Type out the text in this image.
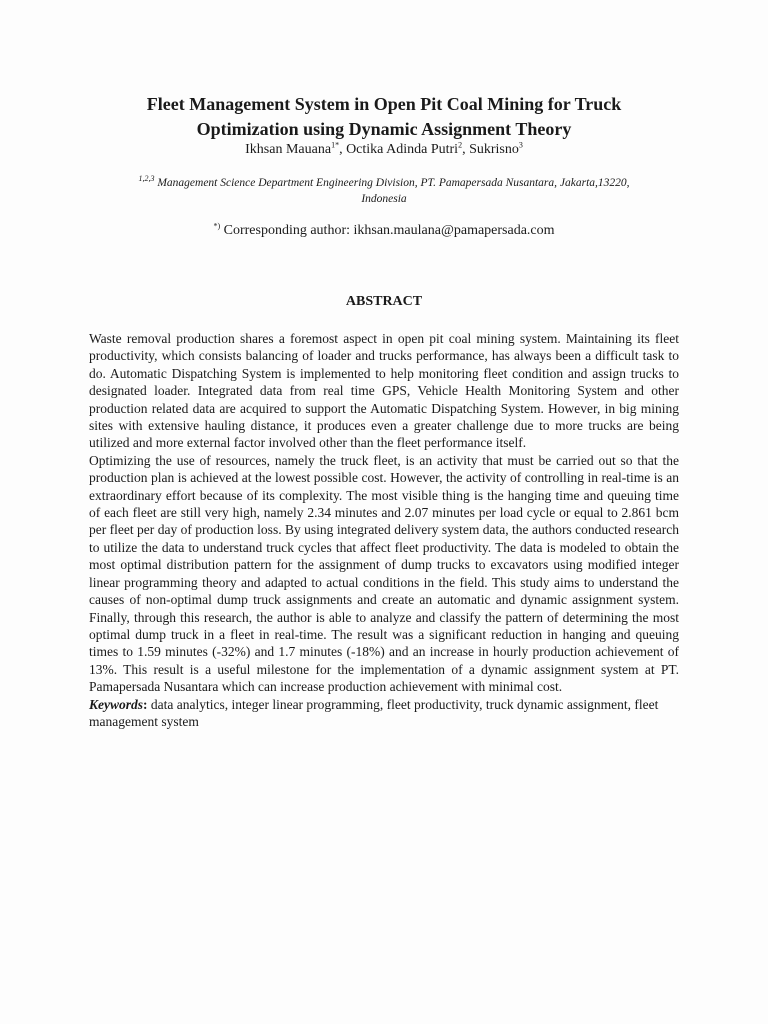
Fleet Management System in Open Pit Coal Mining for Truck
Optimization using Dynamic Assignment Theory
Ikhsan Mauana$^{1*}$, Octika Adinda Putri$^2$, Sukrisno$^3$
$^{1,2,3}$ Management Science Department Engineering Division, PT. Pamapersada Nusantara, Jakarta,13220,
Indonesia
*) Corresponding author: ikhsan.maulana@pamapersada.com
ABSTRACT

Waste removal production shares a foremost aspect in open pit coal mining system. Maintaining its fleet productivity, which consists balancing of loader and trucks performance, has always been a difficult task to do. Automatic Dispatching System is implemented to help monitoring fleet condition and assign trucks to designated loader. Integrated data from real time GPS, Vehicle Health Monitoring System and other production related data are acquired to support the Automatic Dispatching System. However, in big mining sites with extensive hauling distance, it produces even a greater challenge due to more trucks are being utilized and more external factor involved other than the fleet performance itself.

Optimizing the use of resources, namely the truck fleet, is an activity that must be carried out so that the production plan is achieved at the lowest possible cost. However, the activity of controlling in real-time is an extraordinary effort because of its complexity. The most visible thing is the hanging time and queuing time of each fleet are still very high, namely 2.34 minutes and 2.07 minutes per load cycle or equal to 2.861 bcm per fleet per day of production loss. By using integrated delivery system data, the authors conducted research to utilize the data to understand truck cycles that affect fleet productivity. The data is modeled to obtain the most optimal distribution pattern for the assignment of dump trucks to excavators using modified integer linear programming theory and adapted to actual conditions in the field. This study aims to understand the causes of non-optimal dump truck assignments and create an automatic and dynamic assignment system. Finally, through this research, the author is able to analyze and classify the pattern of determining the most optimal dump truck in a fleet in real-time. The result was a significant reduction in hanging and queuing times to 1.59 minutes (-32%) and 1.7 minutes (-18%) and an increase in hourly production achievement of 13%. This result is a useful milestone for the implementation of a dynamic assignment system at PT. Pamapersada Nusantara which can increase production achievement with minimal cost.

Keywords: data analytics, integer linear programming, fleet productivity, truck dynamic assignment, fleet management system
